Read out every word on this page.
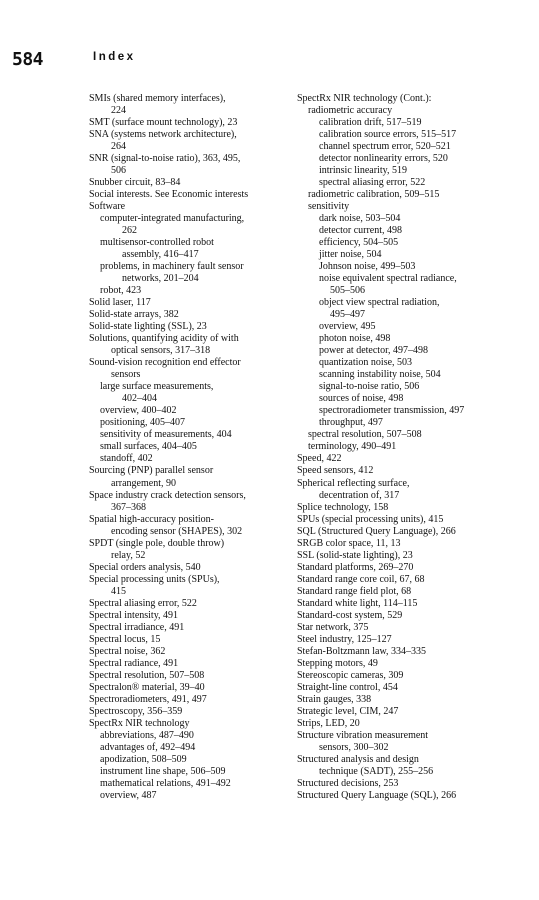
584	Index
SMIs (shared memory interfaces),
224
SMT (surface mount technology), 23
SNA (systems network architecture),
264
SNR (signal-to-noise ratio), 363, 495,
506
Snubber circuit, 83–84
Social interests. See Economic interests
Software
computer-integrated manufacturing,
262
multisensor-controlled robot
assembly, 416–417
problems, in machinery fault sensor
networks, 201–204
robot, 423
Solid laser, 117
Solid-state arrays, 382
Solid-state lighting (SSL), 23
Solutions, quantifying acidity of with
optical sensors, 317–318
Sound-vision recognition end effector
sensors
large surface measurements,
402–404
overview, 400–402
positioning, 405–407
sensitivity of measurements, 404
small surfaces, 404–405
standoff, 402
Sourcing (PNP) parallel sensor
arrangement, 90
Space industry crack detection sensors,
367–368
Spatial high-accuracy position-
encoding sensor (SHAPES), 302
SPDT (single pole, double throw)
relay, 52
Special orders analysis, 540
Special processing units (SPUs),
415
Spectral aliasing error, 522
Spectral intensity, 491
Spectral irradiance, 491
Spectral locus, 15
Spectral noise, 362
Spectral radiance, 491
Spectral resolution, 507–508
Spectralon® material, 39–40
Spectroradiometers, 491, 497
Spectroscopy, 356–359
SpectRx NIR technology
abbreviations, 487–490
advantages of, 492–494
apodization, 508–509
instrument line shape, 506–509
mathematical relations, 491–492
overview, 487
SpectRx NIR technology (Cont.):
radiometric accuracy
calibration drift, 517–519
calibration source errors, 515–517
channel spectrum error, 520–521
detector nonlinearity errors, 520
intrinsic linearity, 519
spectral aliasing error, 522
radiometric calibration, 509–515
sensitivity
dark noise, 503–504
detector current, 498
efficiency, 504–505
jitter noise, 504
Johnson noise, 499–503
noise equivalent spectral radiance,
505–506
object view spectral radiation,
495–497
overview, 495
photon noise, 498
power at detector, 497–498
quantization noise, 503
scanning instability noise, 504
signal-to-noise ratio, 506
sources of noise, 498
spectroradiometer transmission, 497
throughput, 497
spectral resolution, 507–508
terminology, 490–491
Speed, 422
Speed sensors, 412
Spherical reflecting surface,
decentration of, 317
Splice technology, 158
SPUs (special processing units), 415
SQL (Structured Query Language), 266
SRGB color space, 11, 13
SSL (solid-state lighting), 23
Standard platforms, 269–270
Standard range core coil, 67, 68
Standard range field plot, 68
Standard white light, 114–115
Standard-cost system, 529
Star network, 375
Steel industry, 125–127
Stefan-Boltzmann law, 334–335
Stepping motors, 49
Stereoscopic cameras, 309
Straight-line control, 454
Strain gauges, 338
Strategic level, CIM, 247
Strips, LED, 20
Structure vibration measurement
sensors, 300–302
Structured analysis and design
technique (SADT), 255–256
Structured decisions, 253
Structured Query Language (SQL), 266
